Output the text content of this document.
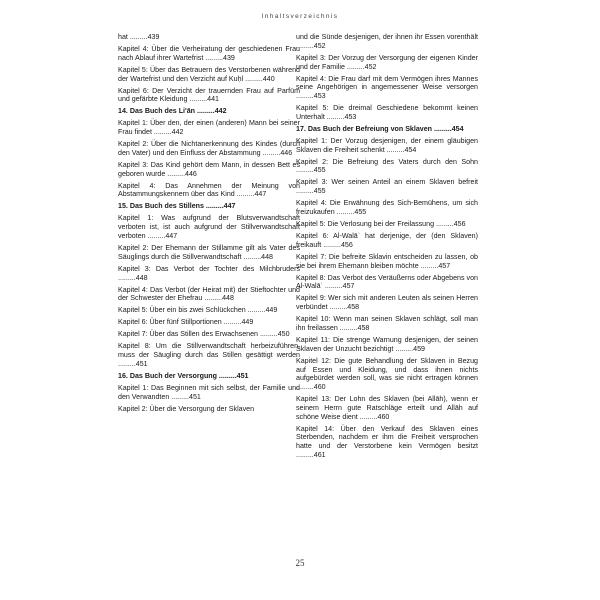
Inhaltsverzeichnis

hat .........439

Kapitel 4: Über die Verheiratung der geschiedenen Frau nach Ablauf ihrer Wartefrist .........439

Kapitel 5: Über das Betrauern des Verstorbenen während der Wartefrist und den Verzicht auf Kuḥl .........440

Kapitel 6: Der Verzicht der trauernden Frau auf Parfüm und gefärbte Kleidung .........441

14. Das Buch des Li'ān .........442

Kapitel 1: Über den, der einen (anderen) Mann bei seiner Frau findet .........442

Kapitel 2: Über die Nichtanerkennung des Kindes (durch den Vater) und den Einfluss der Abstammung .........446

Kapitel 3: Das Kind gehört dem Mann, in dessen Bett es geboren wurde .........446

Kapitel 4: Das Annehmen der Meinung von Abstammungskennern über das Kind .........447

15. Das Buch des Stillens .........447

Kapitel 1: Was aufgrund der Blutsverwandtschaft verboten ist, ist auch aufgrund der Stillverwandtschaft verboten .........447

Kapitel 2: Der Ehemann der Stillamme gilt als Vater des Säuglings durch die Stillverwandtschaft .........448

Kapitel 3: Das Verbot der Tochter des Milchbruders .........448

Kapitel 4: Das Verbot (der Heirat mit) der Stieftochter und der Schwester der Ehefrau .........448

Kapitel 5: Über ein bis zwei Schlückchen .........449

Kapitel 6: Über fünf Stillportionen .........449

Kapitel 7: Über das Stillen des Erwachsenen .........450

Kapitel 8: Um die Stillverwandtschaft herbeizuführen, muss der Säugling durch das Stillen gesättigt werden .........451

16. Das Buch der Versorgung .........451

Kapitel 1: Das Beginnen mit sich selbst, der Familie und den Verwandten .........451

Kapitel 2: Über die Versorgung der Sklaven

und die Sünde desjenigen, der ihnen ihr Essen vorenthält .........452

Kapitel 3: Der Vorzug der Versorgung der eigenen Kinder und der Familie .........452

Kapitel 4: Die Frau darf mit dem Vermögen ihres Mannes seine Angehörigen in angemessener Weise versorgen .........453

Kapitel 5: Die dreimal Geschiedene bekommt keinen Unterhalt .........453

17. Das Buch der Befreiung von Sklaven .........454

Kapitel 1: Der Vorzug desjenigen, der einem gläubigen Sklaven die Freiheit schenkt .........454

Kapitel 2: Die Befreiung des Vaters durch den Sohn .........455

Kapitel 3: Wer seinen Anteil an einem Sklaven befreit .........455

Kapitel 4: Die Erwähnung des Sich-Bemühens, um sich freizukaufen .........455

Kapitel 5: Die Verlosung bei der Freilassung .........456

Kapitel 6: Al-Walāʾ hat derjenige, der (den Sklaven) freikauft .........456

Kapitel 7: Die befreite Sklavin entscheiden zu lassen, ob sie bei ihrem Ehemann bleiben möchte .........457

Kapitel 8: Das Verbot des Veräußerns oder Abgebens von Al-Walāʾ .........457

Kapitel 9: Wer sich mit anderen Leuten als seinen Herren verbündet .........458

Kapitel 10: Wenn man seinen Sklaven schlägt, soll man ihn freilassen .........458

Kapitel 11: Die strenge Warnung desjenigen, der seinen Sklaven der Unzucht bezichtigt .........459

Kapitel 12: Die gute Behandlung der Sklaven in Bezug auf Essen und Kleidung, und dass ihnen nichts aufgebürdet werden soll, was sie nicht ertragen können .........460

Kapitel 13: Der Lohn des Sklaven (bei Allāh), wenn er seinem Herrn gute Ratschläge erteilt und Allāh auf schöne Weise dient .........460

Kapitel 14: Über den Verkauf des Sklaven eines Sterbenden, nachdem er ihm die Freiheit versprochen hatte und der Verstorbene kein Vermögen besitzt .........461

25
